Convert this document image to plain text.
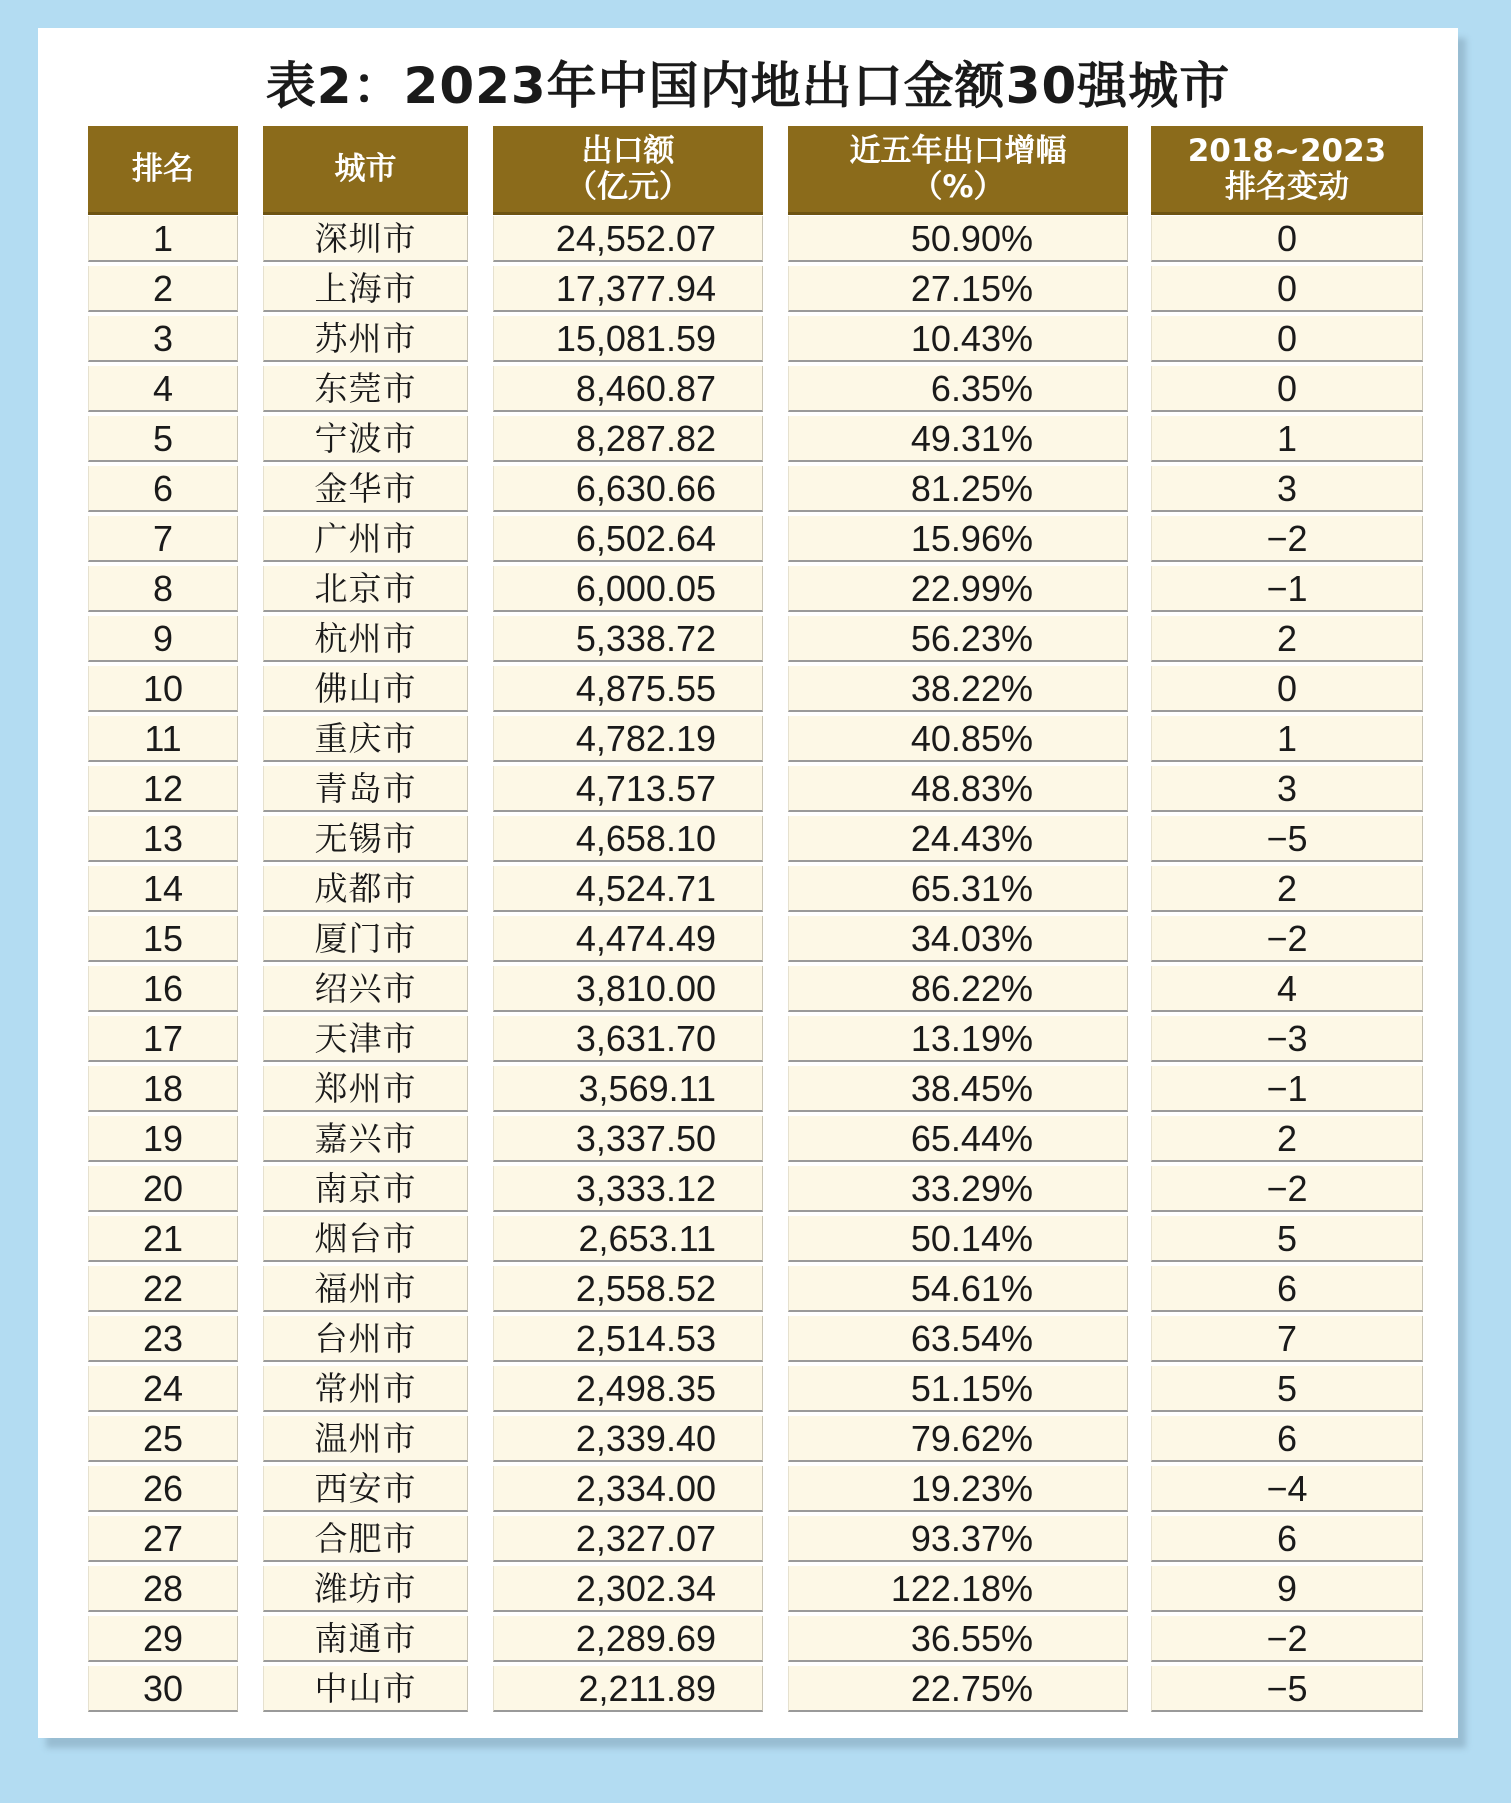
表2：2023年中国内地出口金额30强城市
排名
1
2
3
4
5
6
7
8
9
10
11
12
13
14
15
16
17
18
19
20
21
22
23
24
25
26
27
28
29
30
城市
深圳市
上海市
苏州市
东莞市
宁波市
金华市
广州市
北京市
杭州市
佛山市
重庆市
青岛市
无锡市
成都市
厦门市
绍兴市
天津市
郑州市
嘉兴市
南京市
烟台市
福州市
台州市
常州市
温州市
西安市
合肥市
潍坊市
南通市
中山市
出口额
（亿元）
24,552.07
17,377.94
15,081.59
8,460.87
8,287.82
6,630.66
6,502.64
6,000.05
5,338.72
4,875.55
4,782.19
4,713.57
4,658.10
4,524.71
4,474.49
3,810.00
3,631.70
3,569.11
3,337.50
3,333.12
2,653.11
2,558.52
2,514.53
2,498.35
2,339.40
2,334.00
2,327.07
2,302.34
2,289.69
2,211.89
近五年出口增幅
（%）
50.90%
27.15%
10.43%
6.35%
49.31%
81.25%
15.96%
22.99%
56.23%
38.22%
40.85%
48.83%
24.43%
65.31%
34.03%
86.22%
13.19%
38.45%
65.44%
33.29%
50.14%
54.61%
63.54%
51.15%
79.62%
19.23%
93.37%
122.18%
36.55%
22.75%
2018~2023
排名变动
0
0
0
0
1
3
−2
−1
2
0
1
3
−5
2
−2
4
−3
−1
2
−2
5
6
7
5
6
−4
6
9
−2
−5
